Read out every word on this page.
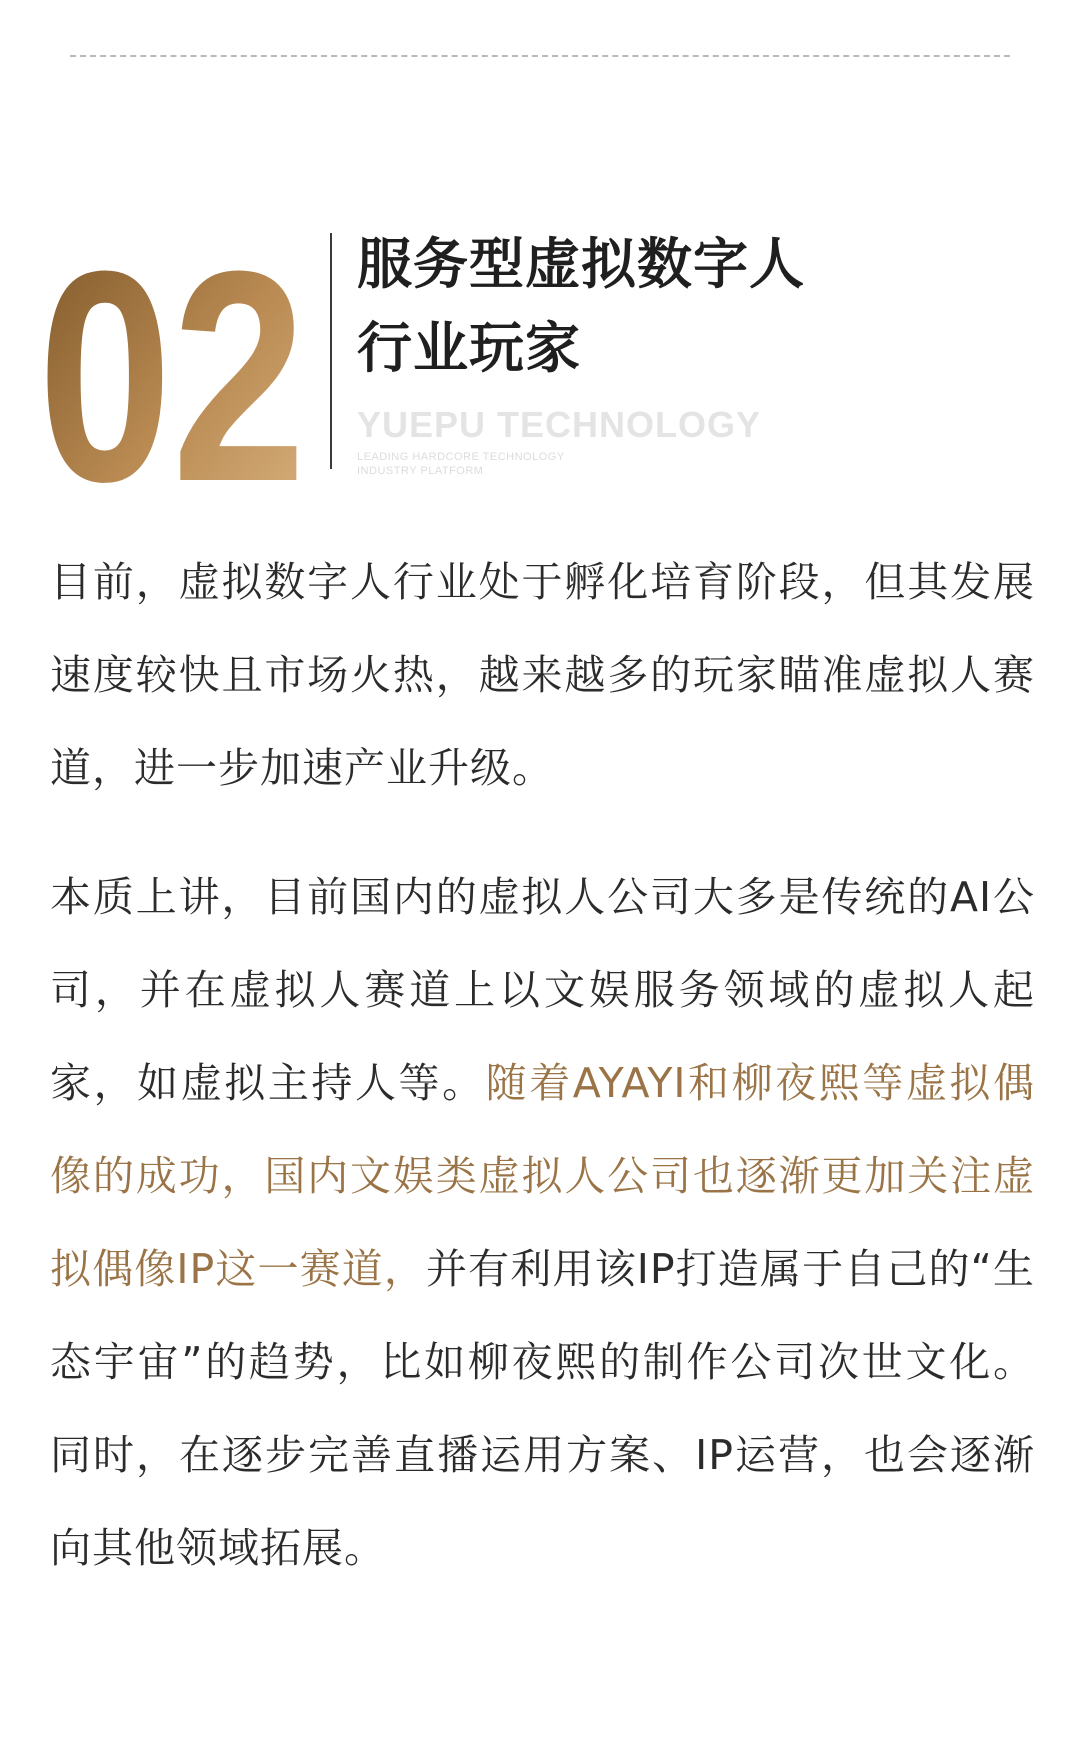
02 服务型虚拟数字人
行业玩家
YUEPU TECHNOLOGY
LEADING HARDCORE TECHNOLOGY
INDUSTRY PLATFORM

目前，虚拟数字人行业处于孵化培育阶段，但其发展速度较快且市场火热，越来越多的玩家瞄准虚拟人赛道，进一步加速产业升级。

本质上讲，目前国内的虚拟人公司大多是传统的AI公司，并在虚拟人赛道上以文娱服务领域的虚拟人起家，如虚拟主持人等。随着AYAYI和柳夜熙等虚拟偶像的成功，国内文娱类虚拟人公司也逐渐更加关注虚拟偶像IP这一赛道，并有利用该IP打造属于自己的“生态宇宙”的趋势，比如柳夜熙的制作公司次世文化。同时，在逐步完善直播运用方案、IP运营，也会逐渐向其他领域拓展。
